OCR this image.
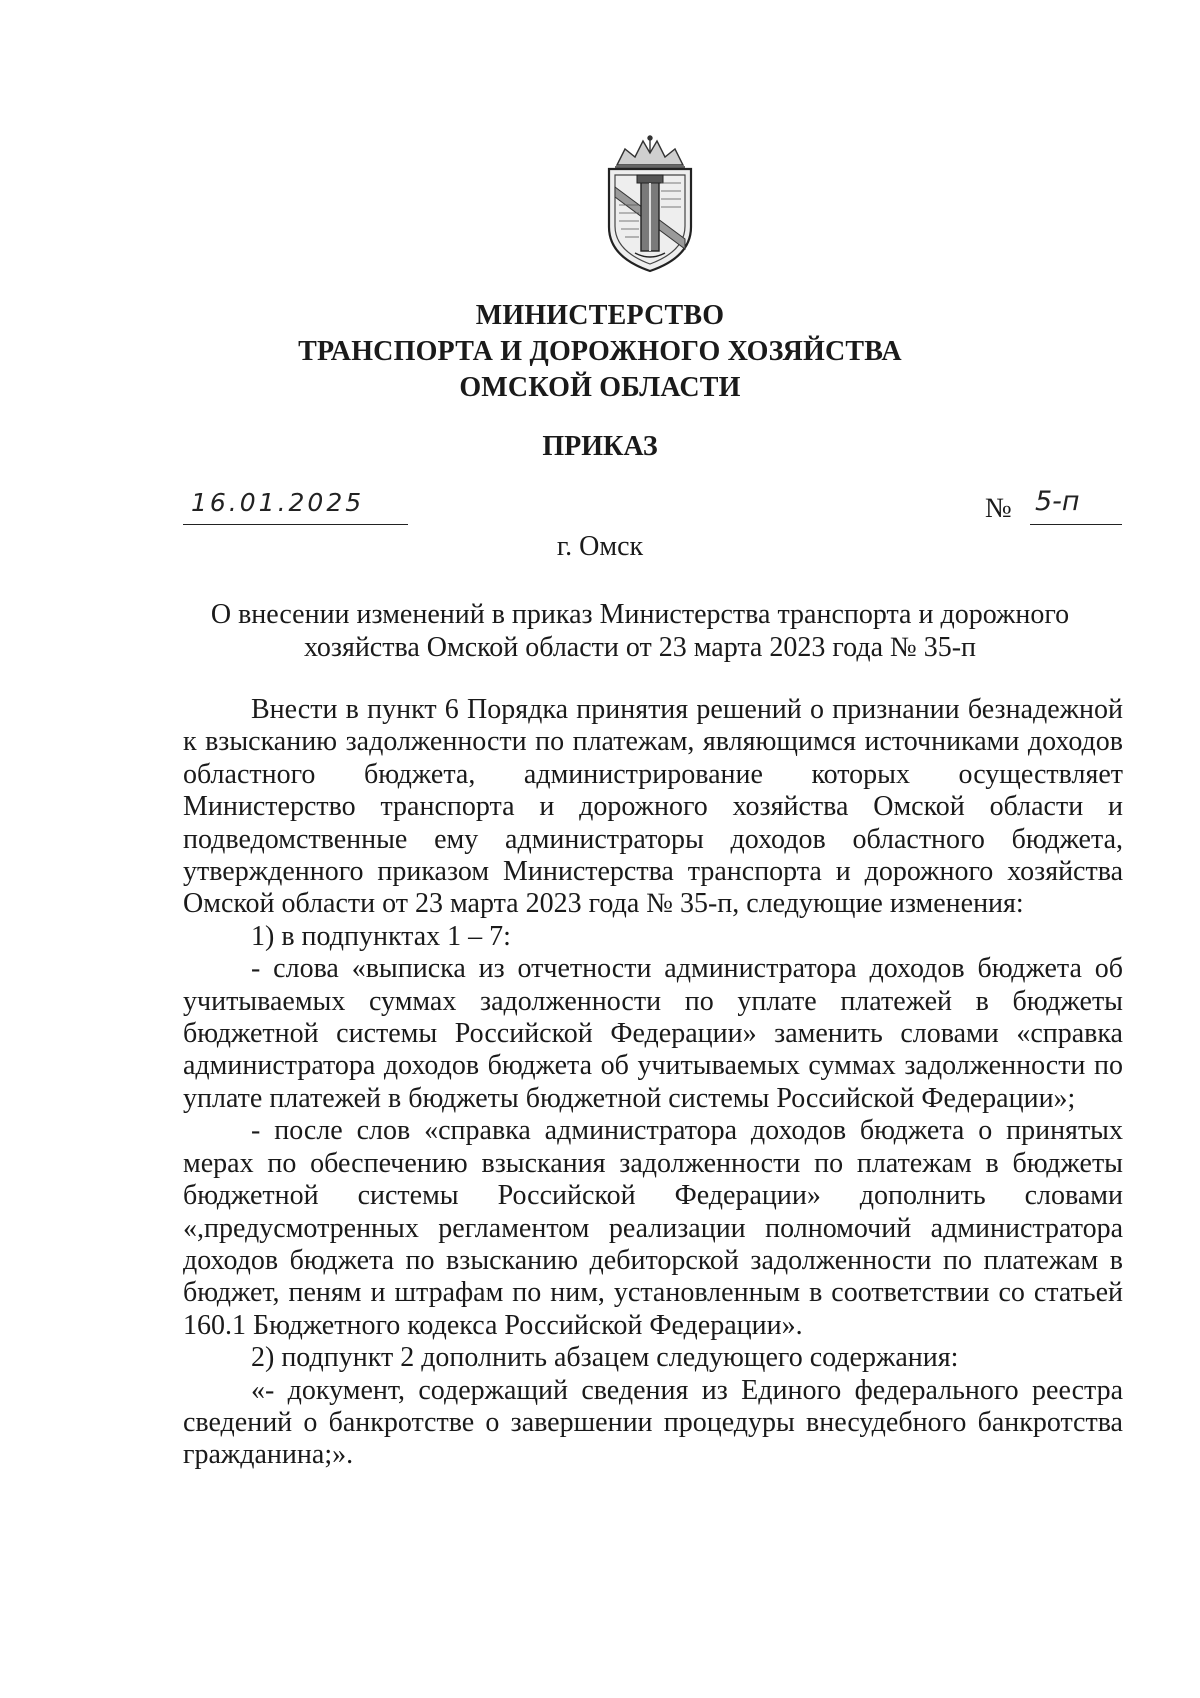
МИНИСТЕРСТВО
ТРАНСПОРТА И ДОРОЖНОГО ХОЗЯЙСТВА
ОМСКОЙ ОБЛАСТИ
ПРИКАЗ
16.01.2025	№ 5-п
г. Омск
О внесении изменений в приказ Министерства транспорта и дорожного хозяйства Омской области от 23 марта 2023 года № 35-п

Внести в пункт 6 Порядка принятия решений о признании безнадежной к взысканию задолженности по платежам, являющимся источниками доходов областного бюджета, администрирование которых осуществляет Министерство транспорта и дорожного хозяйства Омской области и подведомственные ему администраторы доходов областного бюджета, утвержденного приказом Министерства транспорта и дорожного хозяйства Омской области от 23 марта 2023 года № 35-п, следующие изменения:

1) в подпунктах 1 – 7:

- слова «выписка из отчетности администратора доходов бюджета об учитываемых суммах задолженности по уплате платежей в бюджеты бюджетной системы Российской Федерации» заменить словами «справка администратора доходов бюджета об учитываемых суммах задолженности по уплате платежей в бюджеты бюджетной системы Российской Федерации»;

- после слов «справка администратора доходов бюджета о принятых мерах по обеспечению взыскания задолженности по платежам в бюджеты бюджетной системы Российской Федерации» дополнить словами «,предусмотренных регламентом реализации полномочий администратора доходов бюджета по взысканию дебиторской задолженности по платежам в бюджет, пеням и штрафам по ним, установленным в соответствии со статьей 160.1 Бюджетного кодекса Российской Федерации».

2) подпункт 2 дополнить абзацем следующего содержания:

«- документ, содержащий сведения из Единого федерального реестра сведений о банкротстве о завершении процедуры внесудебного банкротства гражданина;».
